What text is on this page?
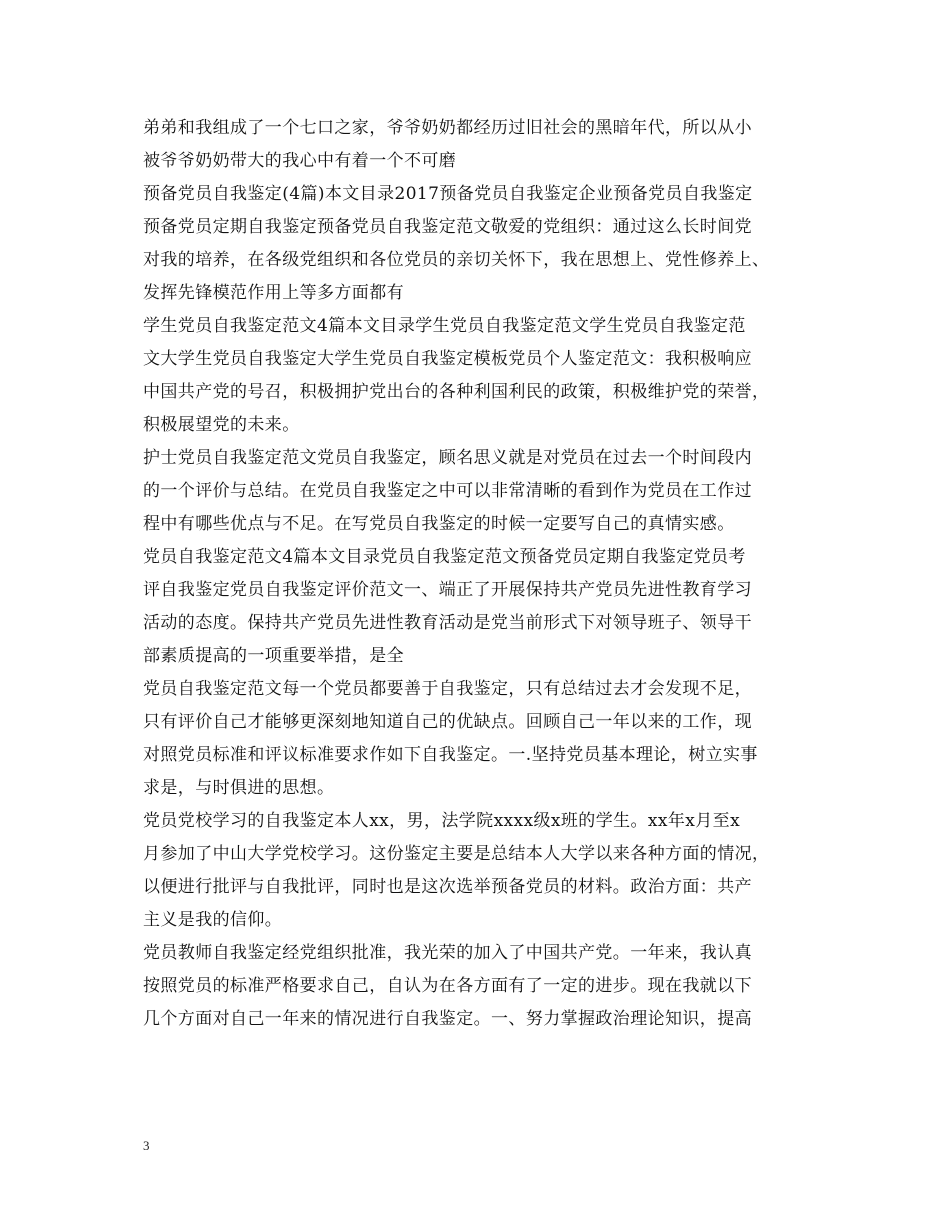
弟弟和我组成了一个七口之家，爷爷奶奶都经历过旧社会的黑暗年代，所以从小
被爷爷奶奶带大的我心中有着一个不可磨
预备党员自我鉴定(4篇)本文目录2017预备党员自我鉴定企业预备党员自我鉴定
预备党员定期自我鉴定预备党员自我鉴定范文敬爱的党组织：通过这么长时间党
对我的培养，在各级党组织和各位党员的亲切关怀下，我在思想上、党性修养上、
发挥先锋模范作用上等多方面都有
学生党员自我鉴定范文4篇本文目录学生党员自我鉴定范文学生党员自我鉴定范
文大学生党员自我鉴定大学生党员自我鉴定模板党员个人鉴定范文：我积极响应
中国共产党的号召，积极拥护党出台的各种利国利民的政策，积极维护党的荣誉，
积极展望党的未来。
护士党员自我鉴定范文党员自我鉴定，顾名思义就是对党员在过去一个时间段内
的一个评价与总结。在党员自我鉴定之中可以非常清晰的看到作为党员在工作过
程中有哪些优点与不足。在写党员自我鉴定的时候一定要写自己的真情实感。
党员自我鉴定范文4篇本文目录党员自我鉴定范文预备党员定期自我鉴定党员考
评自我鉴定党员自我鉴定评价范文一、端正了开展保持共产党员先进性教育学习
活动的态度。保持共产党员先进性教育活动是党当前形式下对领导班子、领导干
部素质提高的一项重要举措，是全
党员自我鉴定范文每一个党员都要善于自我鉴定，只有总结过去才会发现不足，
只有评价自己才能够更深刻地知道自己的优缺点。回顾自己一年以来的工作，现
对照党员标准和评议标准要求作如下自我鉴定。一.坚持党员基本理论，树立实事
求是，与时俱进的思想。
党员党校学习的自我鉴定本人xx，男，法学院xxxx级x班的学生。xx年x月至x
月参加了中山大学党校学习。这份鉴定主要是总结本人大学以来各种方面的情况，
以便进行批评与自我批评，同时也是这次选举预备党员的材料。政治方面：共产
主义是我的信仰。
党员教师自我鉴定经党组织批准，我光荣的加入了中国共产党。一年来，我认真
按照党员的标准严格要求自己，自认为在各方面有了一定的进步。现在我就以下
几个方面对自己一年来的情况进行自我鉴定。一、努力掌握政治理论知识，提高
3
